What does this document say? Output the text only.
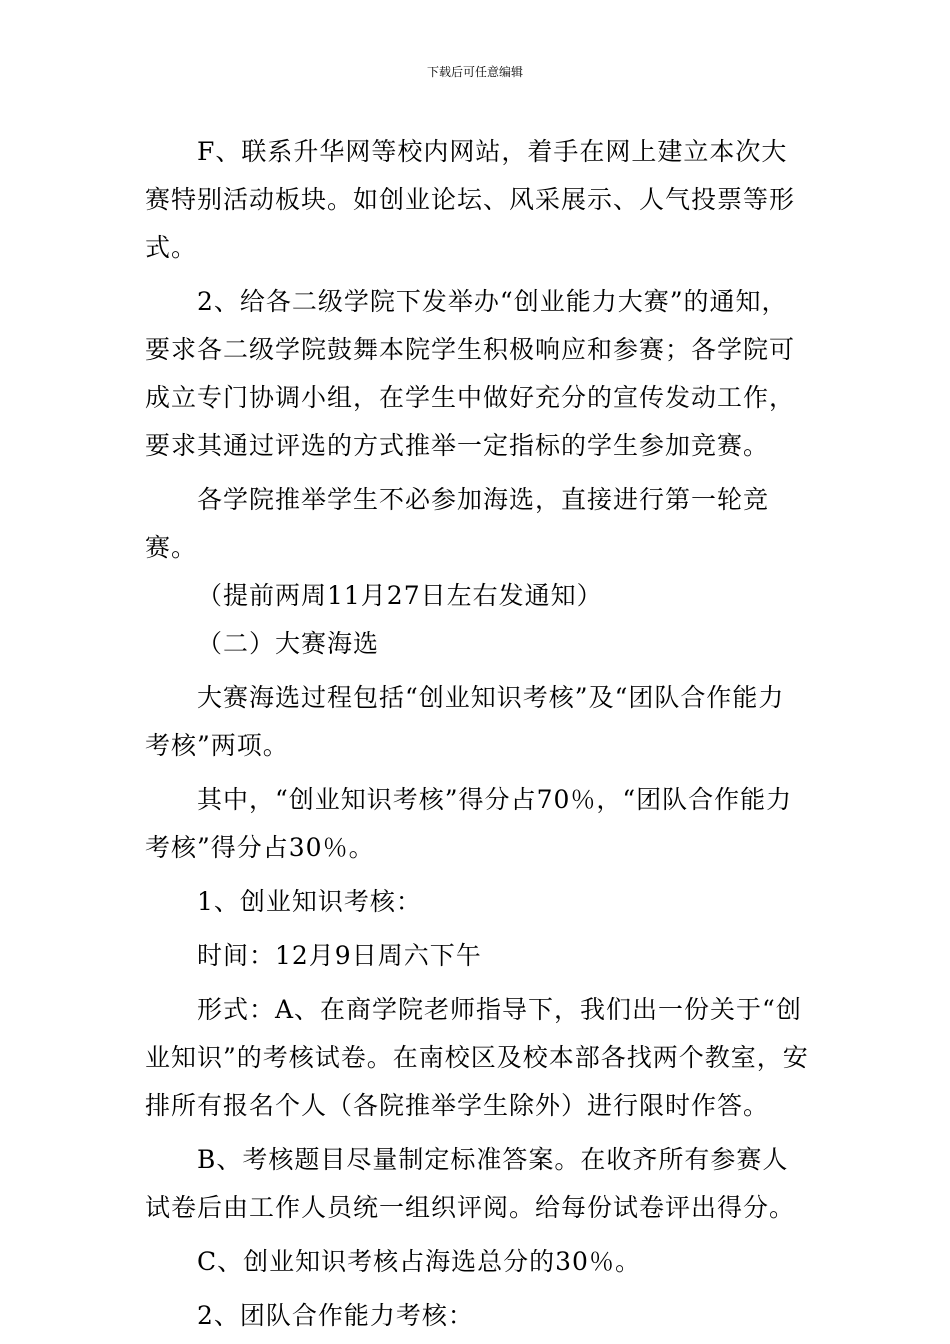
下载后可任意编辑

F、联系升华网等校内网站，着手在网上建立本次大赛特别活动板块。如创业论坛、风采展示、人气投票等形式。

2、给各二级学院下发举办“创业能力大赛”的通知，要求各二级学院鼓舞本院学生积极响应和参赛；各学院可成立专门协调小组，在学生中做好充分的宣传发动工作，要求其通过评选的方式推举一定指标的学生参加竞赛。

各学院推举学生不必参加海选，直接进行第一轮竞赛。

（提前两周11月27日左右发通知）

（二）大赛海选

大赛海选过程包括“创业知识考核”及“团队合作能力考核”两项。

其中，“创业知识考核”得分占70％，“团队合作能力考核”得分占30％。

1、创业知识考核：

时间：12月9日周六下午

形式：A、在商学院老师指导下，我们出一份关于“创业知识”的考核试卷。在南校区及校本部各找两个教室，安排所有报名个人（各院推举学生除外）进行限时作答。

B、考核题目尽量制定标准答案。在收齐所有参赛人试卷后由工作人员统一组织评阅。给每份试卷评出得分。

C、创业知识考核占海选总分的30％。

2、团队合作能力考核：
